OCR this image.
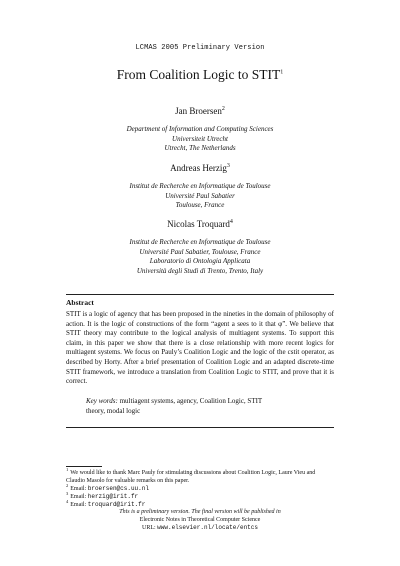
LCMAS 2005 Preliminary Version
From Coalition Logic to STIT$^1$
Jan Broersen$^2$
Department of Information and Computing Sciences
Universiteit Utrecht
Utrecht, The Netherlands
Andreas Herzig$^3$
Institut de Recherche en Informatique de Toulouse
Université Paul Sabatier
Toulouse, France
Nicolas Troquard$^4$
Institut de Recherche en Informatique de Toulouse
Université Paul Sabatier, Toulouse, France
Laboratorio di Ontologia Applicata
Università degli Studi di Trento, Trento, Italy
Abstract

STIT is a logic of agency that has been proposed in the nineties in the domain of philosophy of action. It is the logic of constructions of the form “agent a sees to it that φ”. We believe that STIT theory may contribute to the logical analysis of multiagent systems. To support this claim, in this paper we show that there is a close relationship with more recent logics for multiagent systems. We focus on Pauly’s Coalition Logic and the logic of the cstit operator, as described by Horty. After a brief presentation of Coalition Logic and an adapted discrete-time STIT framework, we introduce a translation from Coalition Logic to STIT, and prove that it is correct.

Key words: multiagent systems, agency, Coalition Logic, STIT
theory, modal logic
$^1$We would like to thank Marc Pauly for stimulating discussions about Coalition Logic, Laure Vieu and Claudio Masolo for valuable remarks on this paper.
$^2$Email: broersen@cs.uu.nl
$^3$Email: herzig@irit.fr
$^4$Email: troquard@irit.fr
This is a preliminary version. The final version will be published in
Electronic Notes in Theoretical Computer Science
URL: www.elsevier.nl/locate/entcs
